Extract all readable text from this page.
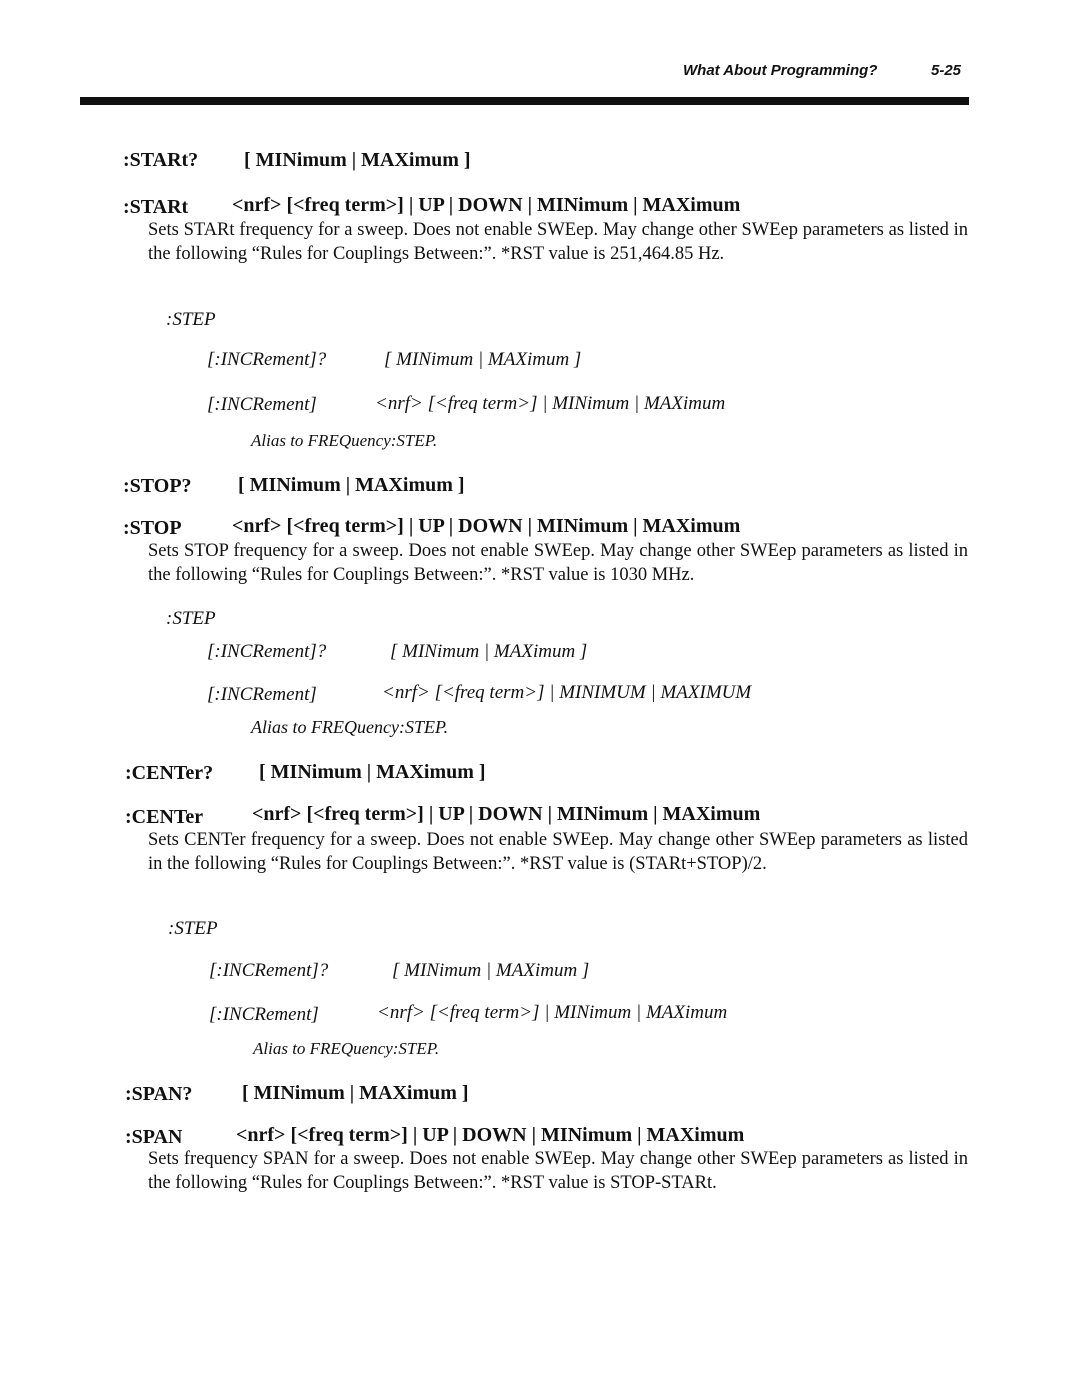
What About Programming?	5-25
:STARt? [ MINimum | MAXimum ]
:STARt <nrf> [<freq term>] | UP | DOWN | MINimum | MAXimum
Sets STARt frequency for a sweep. Does not enable SWEep. May change other SWEep parameters as listed in the following “Rules for Couplings Between:”. *RST value is 251,464.85 Hz.
:STEP
[:INCRement]?	[ MINimum | MAXimum ]
[:INCRement]	<nrf> [<freq term>] | MINimum | MAXimum
Alias to FREQuency:STEP.
:STOP? [ MINimum | MAXimum ]
:STOP	<nrf> [<freq term>] | UP | DOWN | MINimum | MAXimum
Sets STOP frequency for a sweep. Does not enable SWEep. May change other SWEep parameters as listed in the following “Rules for Couplings Between:”. *RST value is 1030 MHz.
:STEP
[:INCRement]?	[ MINimum | MAXimum ]
[:INCRement]	<nrf> [<freq term>] | MINIMUM | MAXIMUM
Alias to FREQuency:STEP.
:CENTer? [ MINimum | MAXimum ]
:CENTer <nrf> [<freq term>] | UP | DOWN | MINimum | MAXimum
Sets CENTer frequency for a sweep. Does not enable SWEep. May change other SWEep parameters as listed in the following “Rules for Couplings Between:”. *RST value is (STARt+STOP)/2.
:STEP
[:INCRement]?	[ MINimum | MAXimum ]
[:INCRement]	<nrf> [<freq term>] | MINimum | MAXimum
Alias to FREQuency:STEP.
:SPAN? [ MINimum | MAXimum ]
:SPAN	<nrf> [<freq term>] | UP | DOWN | MINimum | MAXimum
Sets frequency SPAN for a sweep. Does not enable SWEep. May change other SWEep parameters as listed in the following “Rules for Couplings Between:”. *RST value is STOP-STARt.
